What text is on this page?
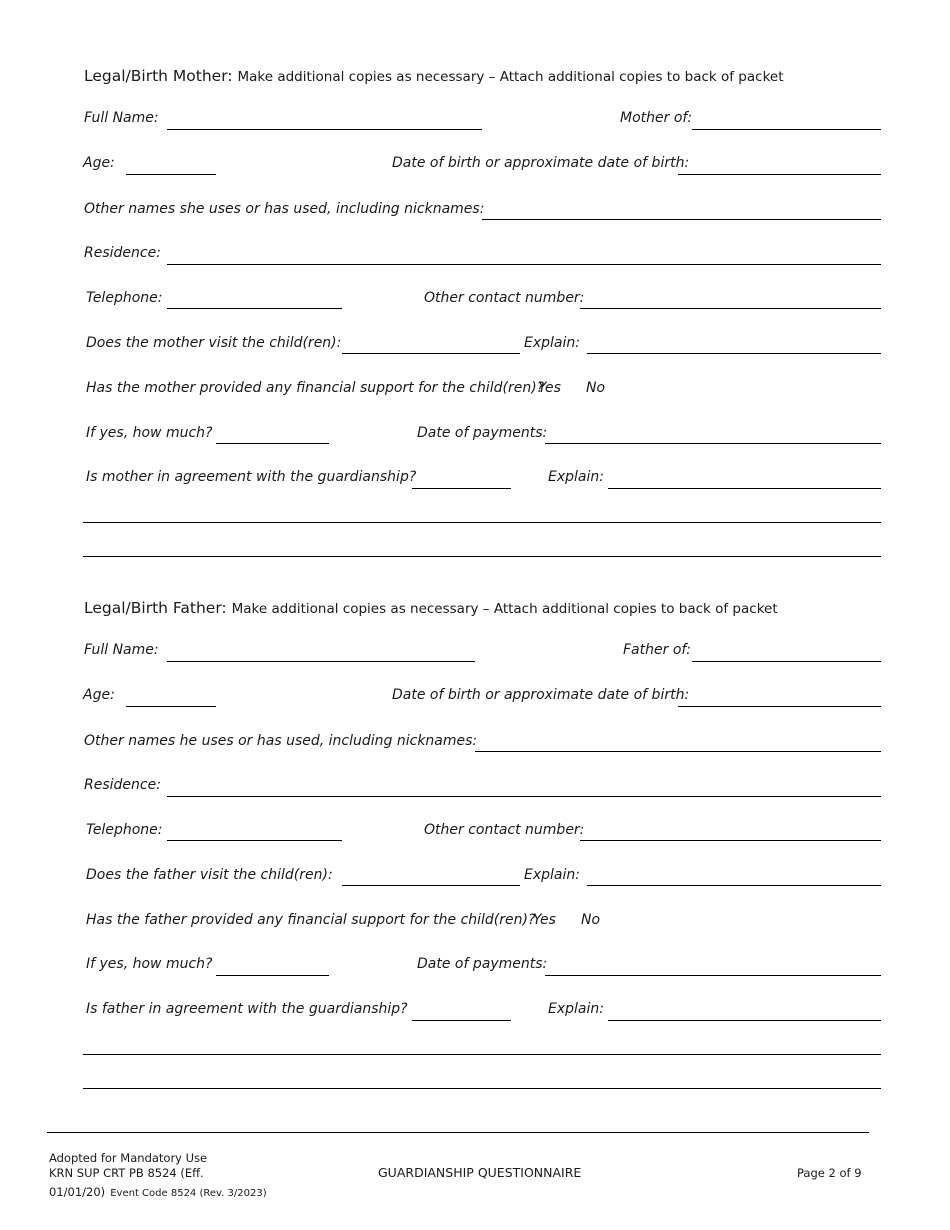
Legal/Birth Mother: Make additional copies as necessary – Attach additional copies to back of packet
Full Name:	Mother of:
Age:	Date of birth or approximate date of birth:
Other names she uses or has used, including nicknames:
Residence:
Telephone:	Other contact number:
Does the mother visit the child(ren):	Explain:
Has the mother provided any financial support for the child(ren)?
Yes No
If yes, how much?	Date of payments:
Is mother in agreement with the guardianship?	Explain:
Legal/Birth Father: Make additional copies as necessary – Attach additional copies to back of packet
Full Name:	Father of:
Age:	Date of birth or approximate date of birth:
Other names he uses or has used, including nicknames:
Residence:
Telephone:	Other contact number:
Does the father visit the child(ren):	Explain:
Has the father provided any financial support for the child(ren)?
Yes No
If yes, how much?	Date of payments:
Is father in agreement with the guardianship?	Explain:
Adopted for Mandatory Use
KRN SUP CRT PB 8524 (Eff.
01/01/20) Event Code 8524 (Rev. 3/2023)
GUARDIANSHIP QUESTIONNAIRE	Page 2 of 9
